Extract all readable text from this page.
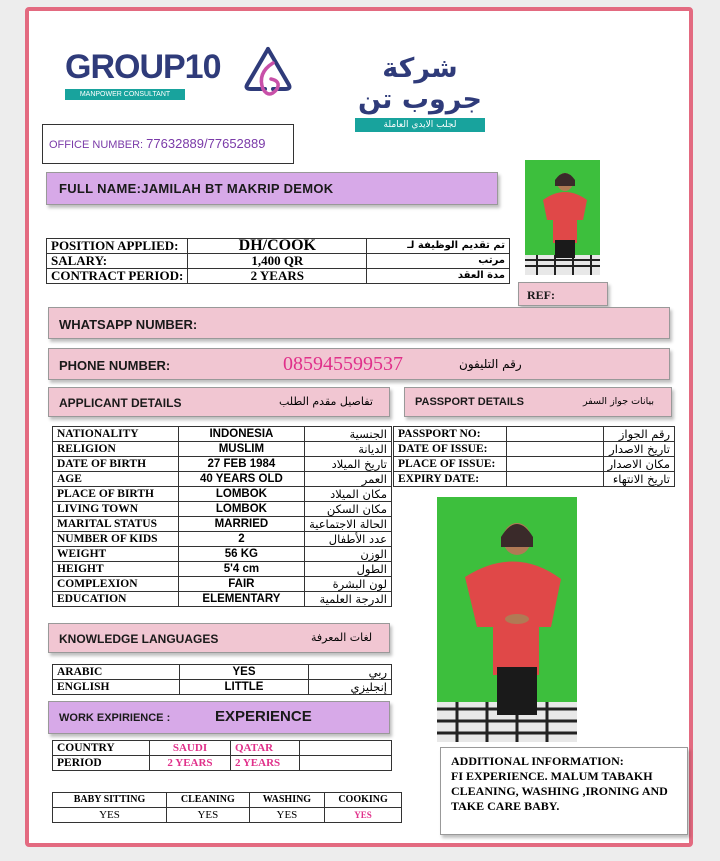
GROUP10
MANPOWER CONSULTANT
شركة جروب تن
لجلب الايدي العاملة
OFFICE NUMBER: 77632889/77652889
FULL NAME:JAMILAH BT MAKRIP DEMOK
POSITION APPLIED:	DH/COOK	تم تقديم الوظيفة لـ
SALARY:	1,400 QR	مرتب
CONTRACT PERIOD:	2 YEARS	مدة العقد
REF:
WHATSAPP NUMBER:
PHONE NUMBER:	085945599537	رقم التليفون
APPLICANT DETAILS	تفاصيل مقدم الطلب	PASSPORT DETAILS	بيانات جواز السفر
NATIONALITY	INDONESIA	الجنسية
RELIGION	MUSLIM	الديانة
DATE OF BIRTH	27 FEB 1984	تاريخ الميلاد
AGE	40 YEARS OLD	العمر
PLACE OF BIRTH	LOMBOK	مكان الميلاد
LIVING TOWN	LOMBOK	مكان السكن
MARITAL STATUS	MARRIED	الحالة الاجتماعية
NUMBER OF KIDS	2	عدد الأطفال
WEIGHT	56 KG	الوزن
HEIGHT	5'4 cm	الطول
COMPLEXION	FAIR	لون البشرة
EDUCATION	ELEMENTARY	الدرجة العلمية
PASSPORT NO:		رقم الجواز
DATE OF ISSUE:		تاريخ الاصدار
PLACE OF ISSUE:		مكان الاصدار
EXPIRY DATE:		تاريخ الانتهاء
KNOWLEDGE LANGUAGES	لغات المعرفة
ARABIC	YES	ربي
ENGLISH	LITTLE	إنجليزي
WORK EXPIRIENCE :	EXPERIENCE
COUNTRY	SAUDI	QATAR	
PERIOD	2 YEARS	2 YEARS	
BABY SITTING	CLEANING	WASHING	COOKING
YES	YES	YES	YES
ADDITIONAL INFORMATION:
FI EXPERIENCE. MALUM TABAKH CLEANING, WASHING ,IRONING AND TAKE CARE BABY.
